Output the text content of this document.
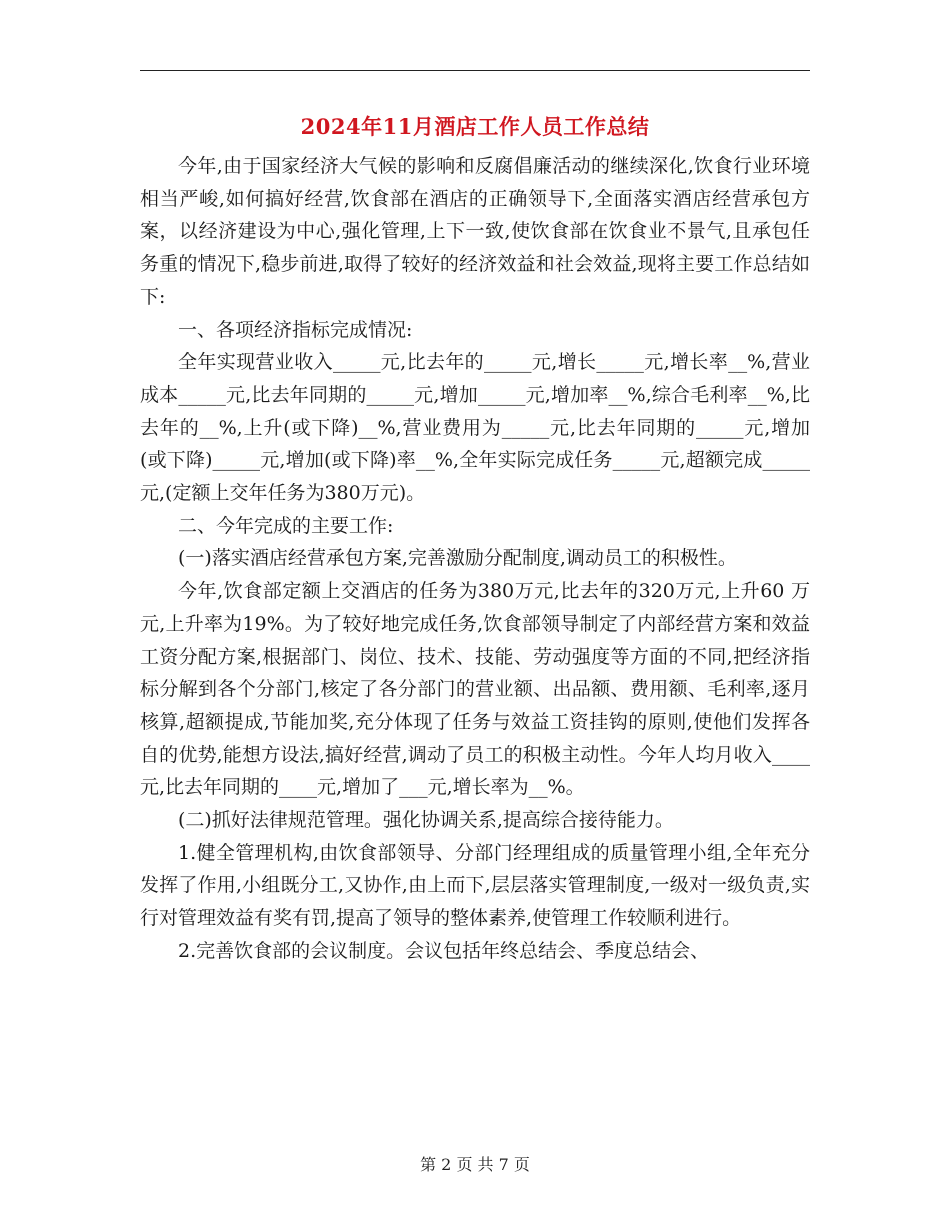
2024年11月酒店工作人员工作总结

今年,由于国家经济大气候的影响和反腐倡廉活动的继续深化,饮食行业环境相当严峻,如何搞好经营,饮食部在酒店的正确领导下,全面落实酒店经营承包方案，以经济建设为中心,强化管理,上下一致,使饮食部在饮食业不景气,且承包任务重的情况下,稳步前进,取得了较好的经济效益和社会效益,现将主要工作总结如下:

一、各项经济指标完成情况:

全年实现营业收入_____元,比去年的_____元,增长_____元,增长率__%,营业成本_____元,比去年同期的_____元,增加_____元,增加率__%,综合毛利率__%,比去年的__%,上升(或下降)__%,营业费用为_____元,比去年同期的_____元,增加(或下降)_____元,增加(或下降)率__%,全年实际完成任务_____元,超额完成_____元,(定额上交年任务为380万元)。

二、今年完成的主要工作:

(一)落实酒店经营承包方案,完善激励分配制度,调动员工的积极性。

今年,饮食部定额上交酒店的任务为380万元,比去年的320万元,上升60 万元,上升率为19%。为了较好地完成任务,饮食部领导制定了内部经营方案和效益工资分配方案,根据部门、岗位、技术、技能、劳动强度等方面的不同,把经济指标分解到各个分部门,核定了各分部门的营业额、出品额、费用额、毛利率,逐月核算,超额提成,节能加奖,充分体现了任务与效益工资挂钩的原则,使他们发挥各自的优势,能想方设法,搞好经营,调动了员工的积极主动性。今年人均月收入____元,比去年同期的____元,增加了___元,增长率为__%。

(二)抓好法律规范管理。强化协调关系,提高综合接待能力。

1.健全管理机构,由饮食部领导、分部门经理组成的质量管理小组,全年充分发挥了作用,小组既分工,又协作,由上而下,层层落实管理制度,一级对一级负责,实行对管理效益有奖有罚,提高了领导的整体素养,使管理工作较顺利进行。

2.完善饮食部的会议制度。会议包括年终总结会、季度总结会、

第 2 页 共 7 页
